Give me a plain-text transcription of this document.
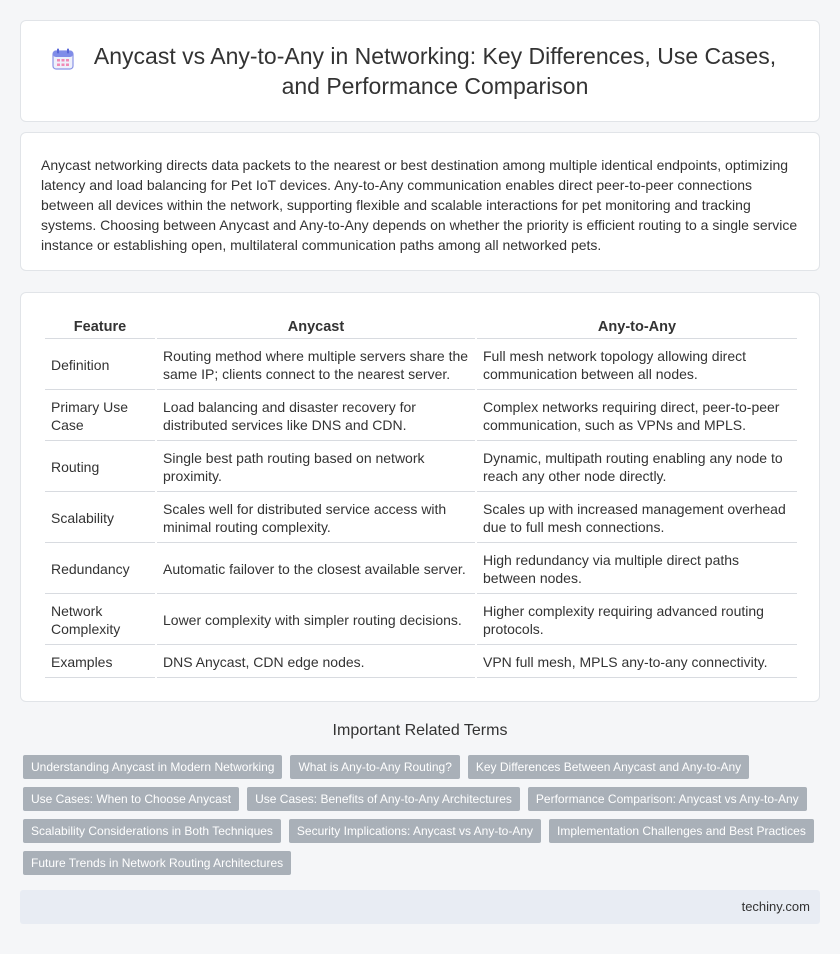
Anycast vs Any-to-Any in Networking: Key Differences, Use Cases, and Performance Comparison

Anycast networking directs data packets to the nearest or best destination among multiple identical endpoints, optimizing latency and load balancing for Pet IoT devices. Any-to-Any communication enables direct peer-to-peer connections between all devices within the network, supporting flexible and scalable interactions for pet monitoring and tracking systems. Choosing between Anycast and Any-to-Any depends on whether the priority is efficient routing to a single service instance or establishing open, multilateral communication paths among all networked pets.

Feature	Anycast	Any-to-Any
Definition	Routing method where multiple servers share the same IP; clients connect to the nearest server.	Full mesh network topology allowing direct communication between all nodes.
Primary Use Case	Load balancing and disaster recovery for distributed services like DNS and CDN.	Complex networks requiring direct, peer-to-peer communication, such as VPNs and MPLS.
Routing	Single best path routing based on network proximity.	Dynamic, multipath routing enabling any node to reach any other node directly.
Scalability	Scales well for distributed service access with minimal routing complexity.	Scales up with increased management overhead due to full mesh connections.
Redundancy	Automatic failover to the closest available server.	High redundancy via multiple direct paths between nodes.
Network Complexity	Lower complexity with simpler routing decisions.	Higher complexity requiring advanced routing protocols.
Examples	DNS Anycast, CDN edge nodes.	VPN full mesh, MPLS any-to-any connectivity.
Important Related Terms
Understanding Anycast in Modern Networking	What is Any-to-Any Routing?	Key Differences Between Anycast and Any-to-Any
Use Cases: When to Choose Anycast	Use Cases: Benefits of Any-to-Any Architectures	Performance Comparison: Anycast vs Any-to-Any
Scalability Considerations in Both Techniques	Security Implications: Anycast vs Any-to-Any	Implementation Challenges and Best Practices
Future Trends in Network Routing Architectures
techiny.com
